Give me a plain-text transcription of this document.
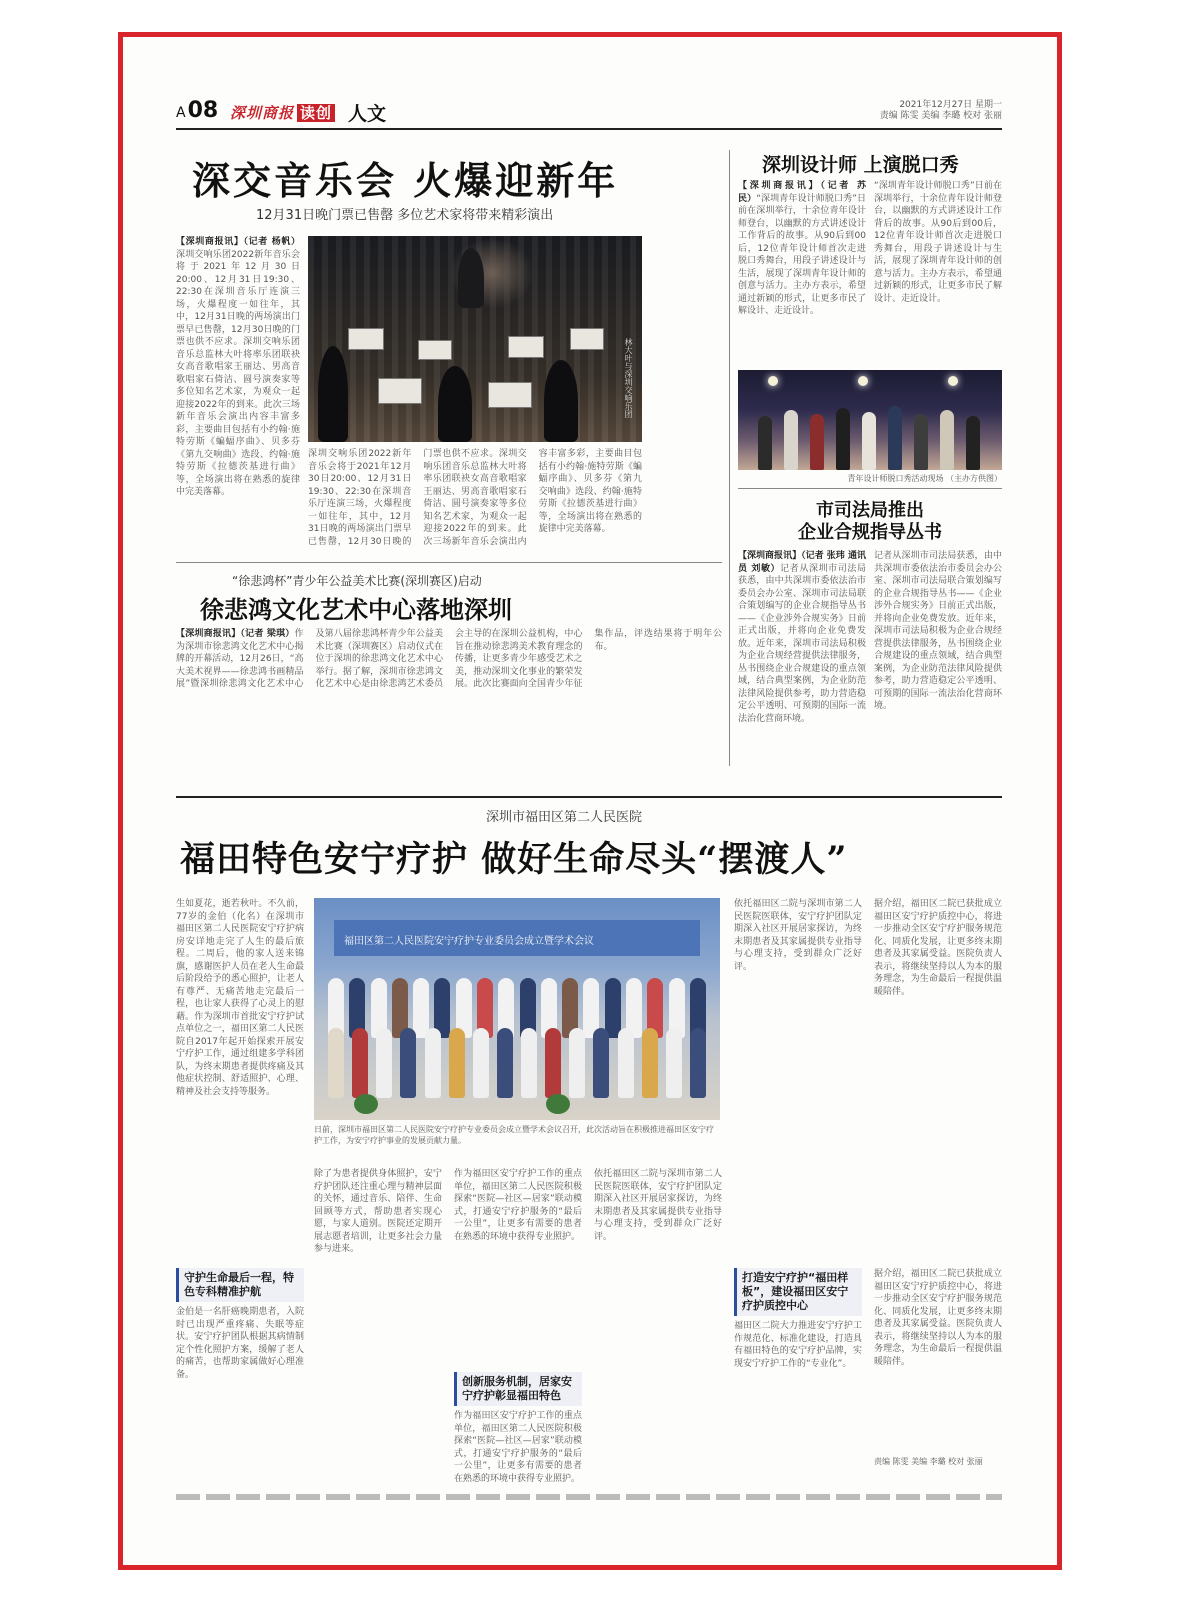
A08 深圳商报 读创 人文	2021年12月27日 星期一
责编 陈雯 美编 李璐 校对 张丽
深交音乐会 火爆迎新年
12月31日晚门票已售罄 多位艺术家将带来精彩演出
【深圳商报讯】（记者 杨帆）深圳交响乐团2022新年音乐会将于2021年12月30日20:00、12月31日19:30、22:30在深圳音乐厅连演三场，火爆程度一如往年，其中，12月31日晚的两场演出门票早已售罄，12月30日晚的门票也供不应求。深圳交响乐团音乐总监林大叶将率乐团联袂女高音歌唱家王丽达、男高音歌唱家石倚洁、圆号演奏家等多位知名艺术家，为观众一起迎接2022年的到来。此次三场新年音乐会演出内容丰富多彩，主要曲目包括有小约翰·施特劳斯《蝙蝠序曲》、贝多芬《第九交响曲》选段、约翰·施特劳斯《拉德茨基进行曲》等，全场演出将在熟悉的旋律中完美落幕。
林大叶与深圳交响乐团
深圳交响乐团2022新年音乐会将于2021年12月30日20:00、12月31日19:30、22:30在深圳音乐厅连演三场，火爆程度一如往年，其中，12月31日晚的两场演出门票早已售罄，12月30日晚的门票也供不应求。深圳交响乐团音乐总监林大叶将率乐团联袂女高音歌唱家王丽达、男高音歌唱家石倚洁、圆号演奏家等多位知名艺术家，为观众一起迎接2022年的到来。此次三场新年音乐会演出内容丰富多彩，主要曲目包括有小约翰·施特劳斯《蝙蝠序曲》、贝多芬《第九交响曲》选段、约翰·施特劳斯《拉德茨基进行曲》等，全场演出将在熟悉的旋律中完美落幕。
深圳设计师 上演脱口秀
【深圳商报讯】（记者 苏民）“深圳青年设计师脱口秀”日前在深圳举行，十余位青年设计师登台，以幽默的方式讲述设计工作背后的故事。从90后到00后，12位青年设计师首次走进脱口秀舞台，用段子讲述设计与生活，展现了深圳青年设计师的创意与活力。主办方表示，希望通过新颖的形式，让更多市民了解设计、走近设计。
“深圳青年设计师脱口秀”日前在深圳举行，十余位青年设计师登台，以幽默的方式讲述设计工作背后的故事。从90后到00后，12位青年设计师首次走进脱口秀舞台，用段子讲述设计与生活，展现了深圳青年设计师的创意与活力。主办方表示，希望通过新颖的形式，让更多市民了解设计、走近设计。
青年设计师脱口秀活动现场 （主办方供图）
市司法局推出
企业合规指导丛书
【深圳商报讯】（记者 张玮 通讯员 刘敏）记者从深圳市司法局获悉，由中共深圳市委依法治市委员会办公室、深圳市司法局联合策划编写的企业合规指导丛书——《企业涉外合规实务》日前正式出版，并将向企业免费发放。近年来，深圳市司法局积极为企业合规经营提供法律服务，丛书围绕企业合规建设的重点领域，结合典型案例，为企业防范法律风险提供参考，助力营造稳定公平透明、可预期的国际一流法治化营商环境。
记者从深圳市司法局获悉，由中共深圳市委依法治市委员会办公室、深圳市司法局联合策划编写的企业合规指导丛书——《企业涉外合规实务》日前正式出版，并将向企业免费发放。近年来，深圳市司法局积极为企业合规经营提供法律服务，丛书围绕企业合规建设的重点领域，结合典型案例，为企业防范法律风险提供参考，助力营造稳定公平透明、可预期的国际一流法治化营商环境。
“徐悲鸿杯”青少年公益美术比赛(深圳赛区)启动
徐悲鸿文化艺术中心落地深圳
【深圳商报讯】（记者 梁琪）作为深圳市徐悲鸿文化艺术中心揭牌的开幕活动，12月26日，“高大美术视界——徐悲鸿书画精品展”暨深圳徐悲鸿文化艺术中心及第八届徐悲鸿杯青少年公益美术比赛（深圳赛区）启动仪式在位于深圳的徐悲鸿文化艺术中心举行。据了解，深圳市徐悲鸿文化艺术中心是由徐悲鸿艺术委员会主导的在深圳公益机构，中心旨在推动徐悲鸿美术教育理念的传播，让更多青少年感受艺术之美，推动深圳文化事业的繁荣发展。此次比赛面向全国青少年征集作品，评选结果将于明年公布。
深圳市福田区第二人民医院
福田特色安宁疗护 做好生命尽头“摆渡人”
生如夏花，逝若秋叶。不久前，77岁的金伯（化名）在深圳市福田区第二人民医院安宁疗护病房安详地走完了人生的最后旅程。二周后，他的家人送来锦旗，感谢医护人员在老人生命最后阶段给予的悉心照护，让老人有尊严、无痛苦地走完最后一程，也让家人获得了心灵上的慰藉。作为深圳市首批安宁疗护试点单位之一，福田区第二人民医院自2017年起开始探索开展安宁疗护工作，通过组建多学科团队，为终末期患者提供疼痛及其他症状控制、舒适照护、心理、精神及社会支持等服务。
福田区第二人民医院安宁疗护专业委员会成立暨学术会议
日前，深圳市福田区第二人民医院安宁疗护专业委员会成立暨学术会议召开，此次活动旨在积极推进福田区安宁疗护工作，为安宁疗护事业的发展贡献力量。
依托福田区二院与深圳市第二人民医院医联体，安宁疗护团队定期深入社区开展居家探访，为终末期患者及其家属提供专业指导与心理支持，受到群众广泛好评。
据介绍，福田区二院已获批成立福田区安宁疗护质控中心，将进一步推动全区安宁疗护服务规范化、同质化发展，让更多终末期患者及其家属受益。医院负责人表示，将继续坚持以人为本的服务理念，为生命最后一程提供温暖陪伴。
守护生命最后一程，特色专科精准护航
金伯是一名肝癌晚期患者，入院时已出现严重疼痛、失眠等症状。安宁疗护团队根据其病情制定个性化照护方案，缓解了老人的痛苦，也帮助家属做好心理准备。
除了为患者提供身体照护，安宁疗护团队还注重心理与精神层面的关怀，通过音乐、陪伴、生命回顾等方式，帮助患者实现心愿，与家人道别。医院还定期开展志愿者培训，让更多社会力量参与进来。
作为福田区安宁疗护工作的重点单位，福田区第二人民医院积极探索“医院—社区—居家”联动模式，打通安宁疗护服务的“最后一公里”，让更多有需要的患者在熟悉的环境中获得专业照护。
创新服务机制，居家安宁疗护彰显福田特色
作为福田区安宁疗护工作的重点单位，福田区第二人民医院积极探索“医院—社区—居家”联动模式，打通安宁疗护服务的“最后一公里”，让更多有需要的患者在熟悉的环境中获得专业照护。
依托福田区二院与深圳市第二人民医院医联体，安宁疗护团队定期深入社区开展居家探访，为终末期患者及其家属提供专业指导与心理支持，受到群众广泛好评。
打造安宁疗护“福田样板”，建设福田区安宁疗护质控中心
福田区二院大力推进安宁疗护工作规范化、标准化建设，打造具有福田特色的安宁疗护品牌，实现安宁疗护工作的“专业化”。
据介绍，福田区二院已获批成立福田区安宁疗护质控中心，将进一步推动全区安宁疗护服务规范化、同质化发展，让更多终末期患者及其家属受益。医院负责人表示，将继续坚持以人为本的服务理念，为生命最后一程提供温暖陪伴。
责编 陈雯 美编 李璐 校对 张丽
